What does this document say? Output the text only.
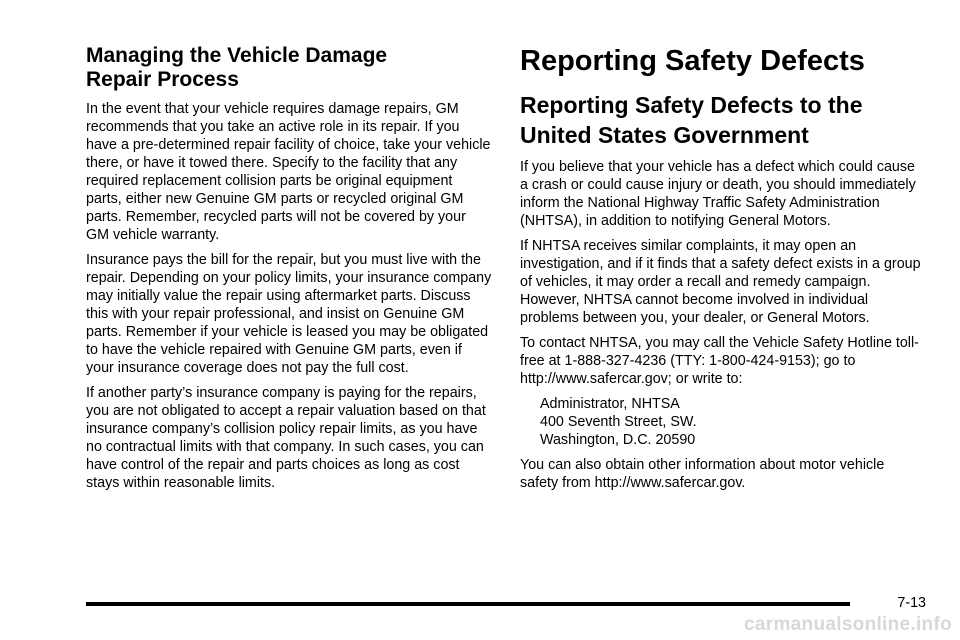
Managing the Vehicle Damage
Repair Process

In the event that your vehicle requires damage repairs, GM recommends that you take an active role in its repair. If you have a pre-determined repair facility of choice, take your vehicle there, or have it towed there. Specify to the facility that any required replacement collision parts be original equipment parts, either new Genuine GM parts or recycled original GM parts. Remember, recycled parts will not be covered by your GM vehicle warranty.

Insurance pays the bill for the repair, but you must live with the repair. Depending on your policy limits, your insurance company may initially value the repair using aftermarket parts. Discuss this with your repair professional, and insist on Genuine GM parts. Remember if your vehicle is leased you may be obligated to have the vehicle repaired with Genuine GM parts, even if your insurance coverage does not pay the full cost.

If another party’s insurance company is paying for the repairs, you are not obligated to accept a repair valuation based on that insurance company’s collision policy repair limits, as you have no contractual limits with that company. In such cases, you can have control of the repair and parts choices as long as cost stays within reasonable limits.

Reporting Safety Defects
Reporting Safety Defects to the
United States Government

If you believe that your vehicle has a defect which could cause a crash or could cause injury or death, you should immediately inform the National Highway Traffic Safety Administration (NHTSA), in addition to notifying General Motors.

If NHTSA receives similar complaints, it may open an investigation, and if it finds that a safety defect exists in a group of vehicles, it may order a recall and remedy campaign. However, NHTSA cannot become involved in individual problems between you, your dealer, or General Motors.

To contact NHTSA, you may call the Vehicle Safety Hotline toll-free at 1-888-327-4236 (TTY: 1-800-424-9153); go to http://www.safercar.gov; or write to:

Administrator, NHTSA
400 Seventh Street, SW.
Washington, D.C. 20590

You can also obtain other information about motor vehicle safety from http://www.safercar.gov.

7-13
carmanualsonline.info
